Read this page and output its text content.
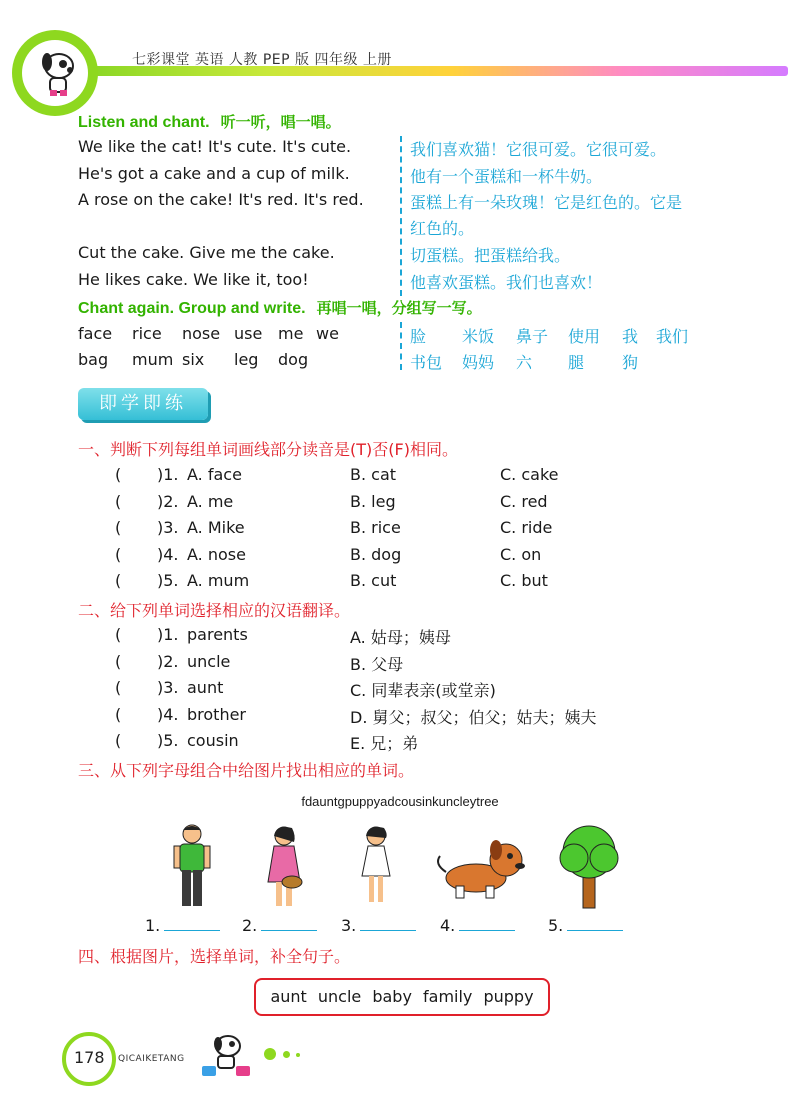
七彩课堂 英语 人教 PEP 版 四年级 上册
Listen and chant. 听一听，唱一唱。
We like the cat! It's cute. It's cute.
He's got a cake and a cup of milk.
A rose on the cake! It's red. It's red.
Cut the cake. Give me the cake.
He likes cake. We like it, too!
我们喜欢猫！它很可爱。它很可爱。
他有一个蛋糕和一杯牛奶。
蛋糕上有一朵玫瑰！它是红色的。它是
红色的。
切蛋糕。把蛋糕给我。
他喜欢蛋糕。我们也喜欢！
Chant again. Group and write. 再唱一唱，分组写一写。
face rice nose use me we
bag mum six leg dog
脸 米饭 鼻子 使用 我 我们
书包 妈妈 六 腿 狗
即学即练
一、判断下列每组单词画线部分读音是(T)否(F)相同。
( )1. A. face	B. cat	C. cake
( )2. A. me	B. leg	C. red
( )3. A. Mike	B. rice	C. ride
( )4. A. nose	B. dog	C. on
( )5. A. mum	B. cut	C. but
二、给下列单词选择相应的汉语翻译。
( )1. parents	A. 姑母；姨母
( )2. uncle	B. 父母
( )3. aunt	C. 同辈表亲(或堂亲)
( )4. brother	D. 舅父；叔父；伯父；姑夫；姨夫
( )5. cousin	E. 兄；弟
三、从下列字母组合中给图片找出相应的单词。
fdauntgpuppyadcousinkuncleytree
1.	2.	3.	4.	5.
四、根据图片，选择单词，补全句子。
aunt uncle baby family puppy
178 QICAIKETANG
